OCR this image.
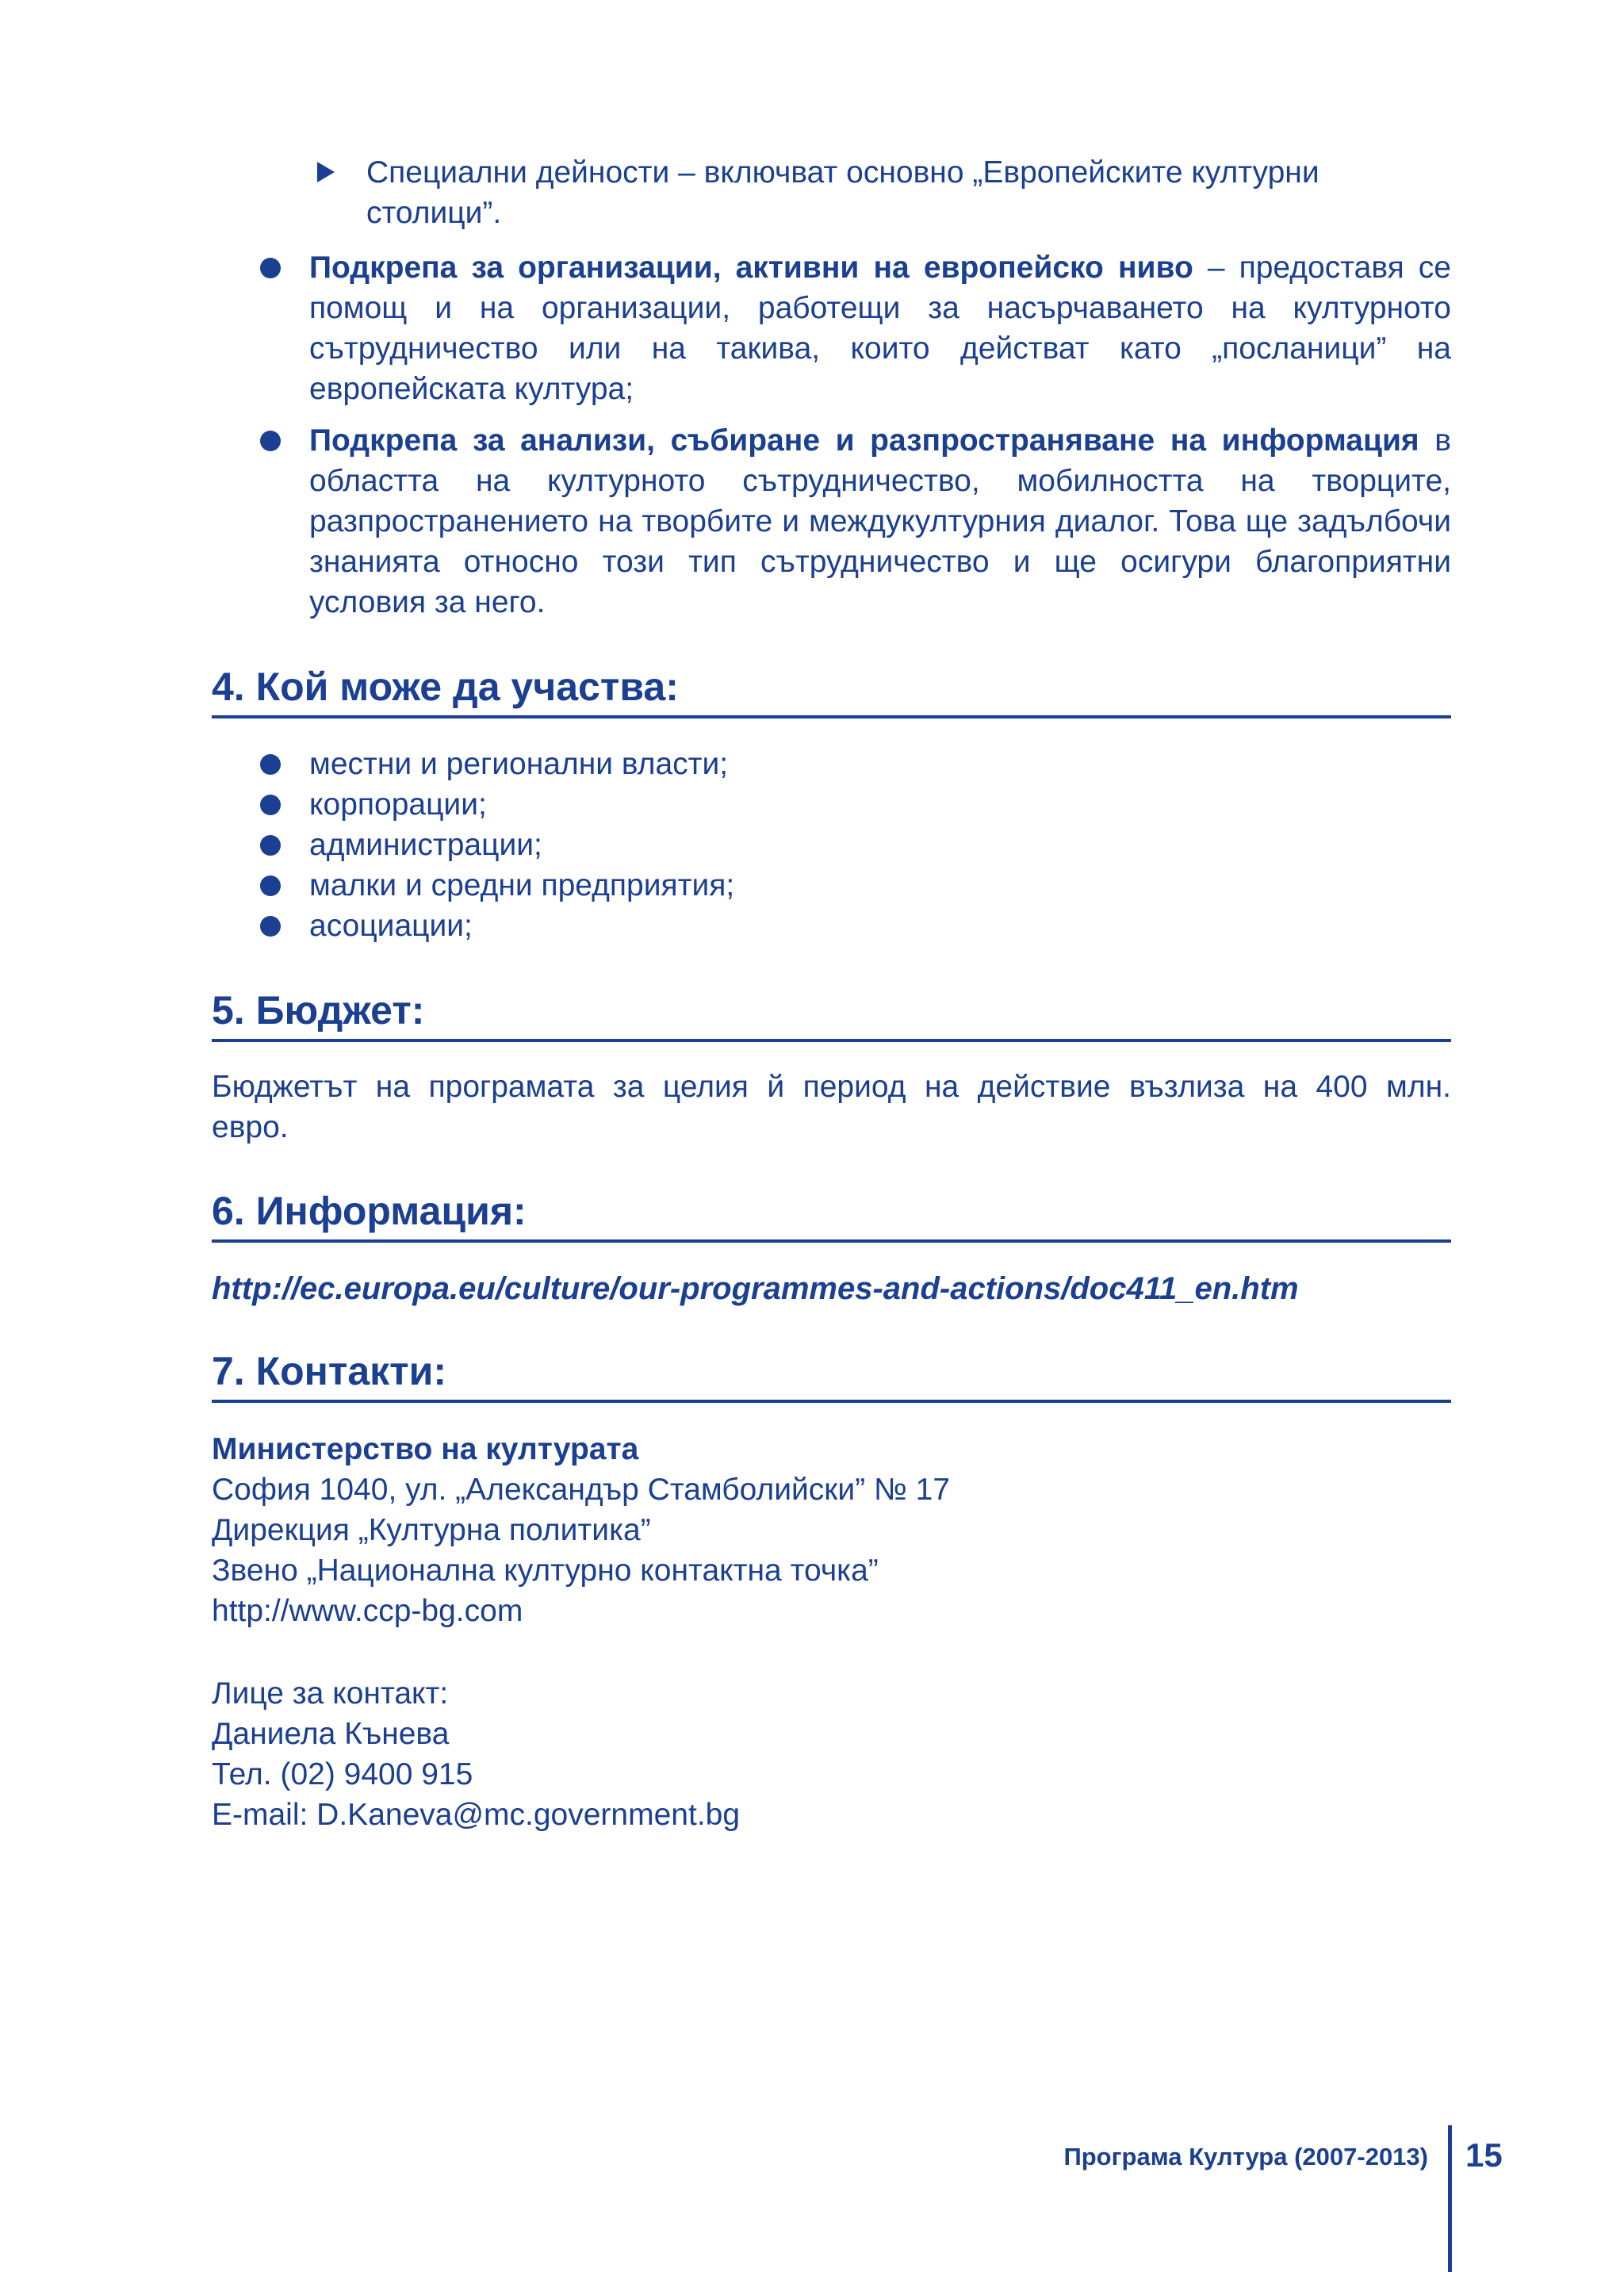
Специални дейности – включват основно „Европейските културни столици”.

Подкрепа за организации, активни на европейско ниво – предоставя се помощ и на организации, работещи за насърчаването на културното сътрудничество или на такива, които действат като „посланици” на европейската култура;

Подкрепа за анализи, събиране и разпространяване на информация в областта на културното сътрудничество, мобилността на творците, разпространението на творбите и междукултурния диалог. Това ще задълбочи знанията относно този тип сътрудничество и ще осигури благоприятни условия за него.

4. Кой може да участва:

местни и регионални власти;

корпорации;

администрации;

малки и средни предприятия;

асоциации;

5. Бюджет:

Бюджетът на програмата за целия й период на действие възлиза на 400 млн. евро.

6. Информация:
http://ec.europa.eu/culture/our-programmes-and-actions/doc411_en.htm
7. Контакти:

Министерство на културата

София 1040, ул. „Александър Стамболийски” № 17

Дирекция „Културна политика”

Звено „Национална културно контактна точка”

http://www.ccp-bg.com

Лице за контакт:

Даниела Кънева

Тел. (02) 9400 915

E-mail: D.Kaneva@mc.government.bg
Програма Култура (2007-2013) 15
